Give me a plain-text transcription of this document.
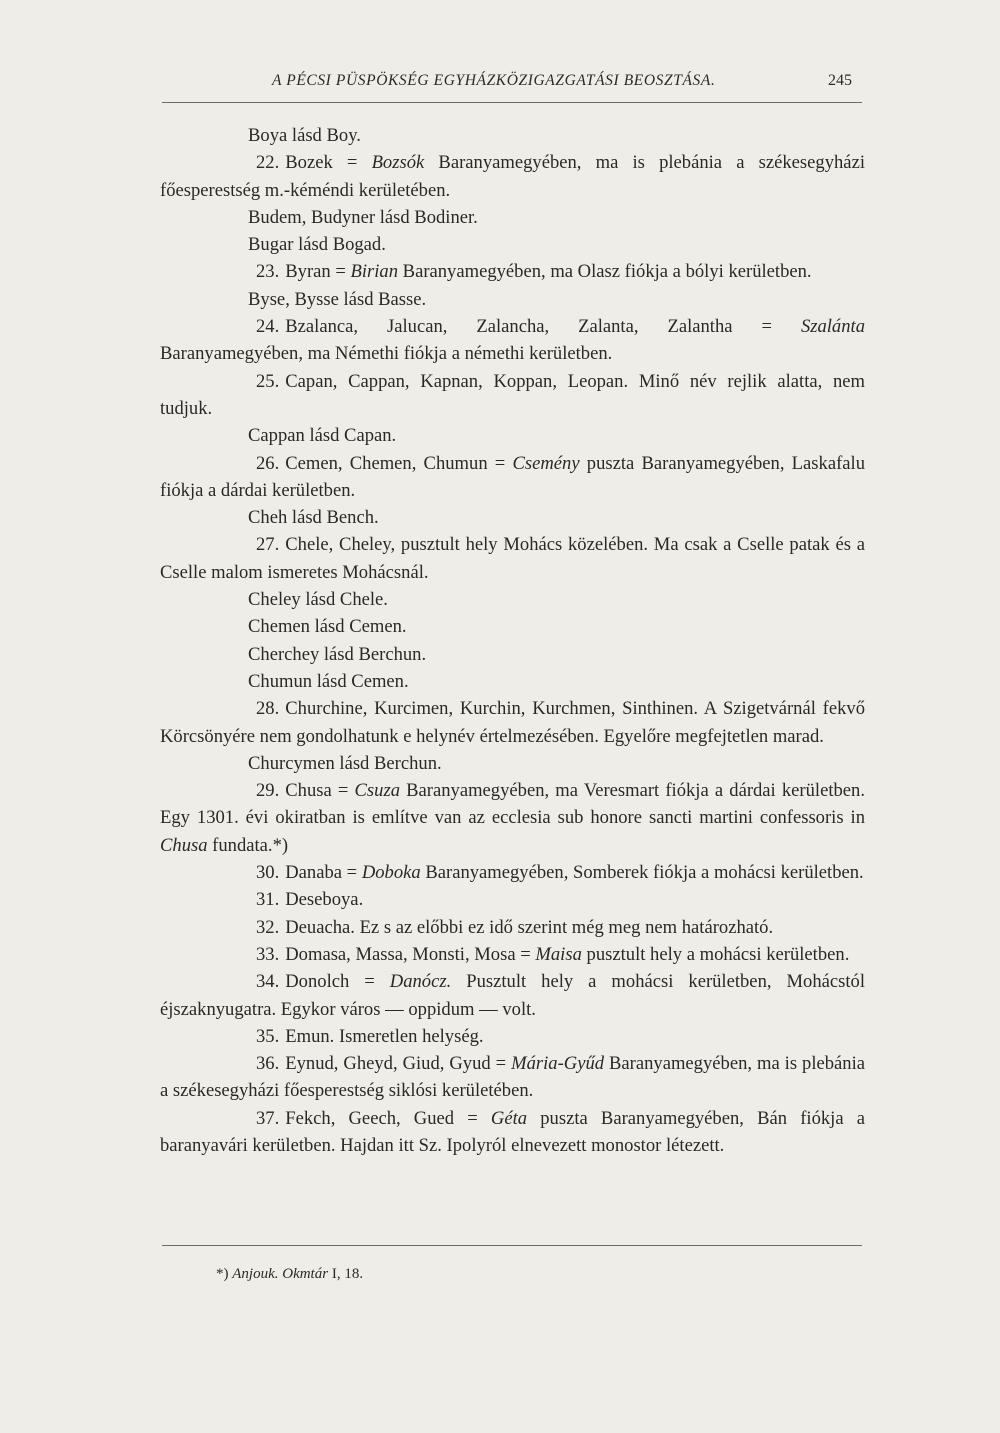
A PÉCSI PÜSPÖKSÉG EGYHÁZKÖZIGAZGATÁSI BEOSZTÁSA.	245

Boya lásd Boy.

22. Bozek = Bozsók Baranyamegyében, ma is plebánia a székesegyházi főesperestség m.-kéméndi kerületében.

Budem, Budyner lásd Bodiner.

Bugar lásd Bogad.

23. Byran = Birian Baranyamegyében, ma Olasz fiókja a bólyi kerületben.

Byse, Bysse lásd Basse.

24. Bzalanca, Jalucan, Zalancha, Zalanta, Zalantha = Szalánta Baranyamegyében, ma Némethi fiókja a némethi kerületben.

25. Capan, Cappan, Kapnan, Koppan, Leopan. Minő név rejlik alatta, nem tudjuk.

Cappan lásd Capan.

26. Cemen, Chemen, Chumun = Csemény puszta Baranyamegyében, Laskafalu fiókja a dárdai kerületben.

Cheh lásd Bench.

27. Chele, Cheley, pusztult hely Mohács közelében. Ma csak a Cselle patak és a Cselle malom ismeretes Mohácsnál.

Cheley lásd Chele.

Chemen lásd Cemen.

Cherchey lásd Berchun.

Chumun lásd Cemen.

28. Churchine, Kurcimen, Kurchin, Kurchmen, Sinthinen. A Szigetvárnál fekvő Körcsönyére nem gondolhatunk e helynév értelmezésében. Egyelőre megfejtetlen marad.

Churcymen lásd Berchun.

29. Chusa = Csuza Baranyamegyében, ma Veresmart fiókja a dárdai kerületben. Egy 1301. évi okiratban is említve van az ecclesia sub honore sancti martini confessoris in Chusa fundata.*)

30. Danaba = Doboka Baranyamegyében, Somberek fiókja a mohácsi kerületben.

31. Deseboya.

32. Deuacha. Ez s az előbbi ez idő szerint még meg nem határozható.

33. Domasa, Massa, Monsti, Mosa = Maisa pusztult hely a mohácsi kerületben.

34. Donolch = Danócz. Pusztult hely a mohácsi kerületben, Mohácstól éjszaknyugatra. Egykor város — oppidum — volt.

35. Emun. Ismeretlen helység.

36. Eynud, Gheyd, Giud, Gyud = Mária-Gyűd Baranyamegyében, ma is plebánia a székesegyházi főesperestség siklósi kerületében.

37. Fekch, Geech, Gued = Géta puszta Baranyamegyében, Bán fiókja a baranyavári kerületben. Hajdan itt Sz. Ipolyról elnevezett monostor létezett.

*) Anjouk. Okmtár I, 18.
